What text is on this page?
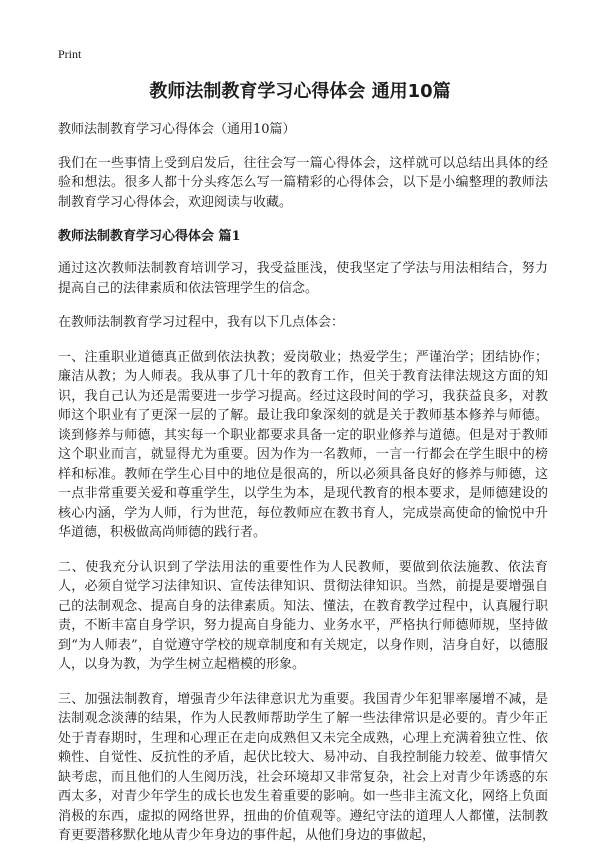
Print
教师法制教育学习心得体会 通用10篇

教师法制教育学习心得体会（通用10篇）

我们在一些事情上受到启发后，往往会写一篇心得体会，这样就可以总结出具体的经验和想法。很多人都十分头疼怎么写一篇精彩的心得体会，以下是小编整理的教师法制教育学习心得体会，欢迎阅读与收藏。

教师法制教育学习心得体会 篇1

通过这次教师法制教育培训学习，我受益匪浅，使我坚定了学法与用法相结合，努力提高自己的法律素质和依法管理学生的信念。

在教师法制教育学习过程中，我有以下几点体会：

一、注重职业道德真正做到依法执教；爱岗敬业；热爱学生；严谨治学；团结协作；廉洁从教；为人师表。我从事了几十年的教育工作，但关于教育法律法规这方面的知识，我自己认为还是需要进一步学习提高。经过这段时间的学习，我获益良多，对教师这个职业有了更深一层的了解。最让我印象深刻的就是关于教师基本修养与师德。谈到修养与师德，其实每一个职业都要求具备一定的职业修养与道德。但是对于教师这个职业而言，就显得尤为重要。因为作为一名教师，一言一行都会在学生眼中的榜样和标准。教师在学生心目中的地位是很高的，所以必须具备良好的修养与师德，这一点非常重要关爱和尊重学生，以学生为本，是现代教育的根本要求，是师德建设的核心内涵，学为人师，行为世范，每位教师应在教书育人，完成崇高使命的愉悦中升华道德，积极做高尚师德的践行者。

二、使我充分认识到了学法用法的重要性作为人民教师，要做到依法施教、依法育人，必须自觉学习法律知识、宣传法律知识、贯彻法律知识。当然，前提是要增强自己的法制观念、提高自身的法律素质。知法、懂法，在教育教学过程中，认真履行职责，不断丰富自身学识，努力提高自身能力、业务水平，严格执行师德师规，坚持做到“为人师表”，自觉遵守学校的规章制度和有关规定，以身作则，洁身自好，以德服人，以身为教，为学生树立起楷模的形象。

三、加强法制教育，增强青少年法律意识尤为重要。我国青少年犯罪率屡增不减，是法制观念淡薄的结果，作为人民教师帮助学生了解一些法律常识是必要的。青少年正处于青春期时，生理和心理正在走向成熟但又未完全成熟，心理上充满着独立性、依赖性、自觉性、反抗性的矛盾，起伏比较大、易冲动、自我控制能力较差、做事情欠缺考虑，而且他们的人生阅历浅，社会环境却又非常复杂，社会上对青少年诱惑的东西太多，对青少年学生的成长也发生着重要的影响。如一些非主流文化，网络上负面消极的东西，虚拟的网络世界，扭曲的价值观等。遵纪守法的道理人人都懂，法制教育更要潜移默化地从青少年身边的事件起，从他们身边的事做起，
